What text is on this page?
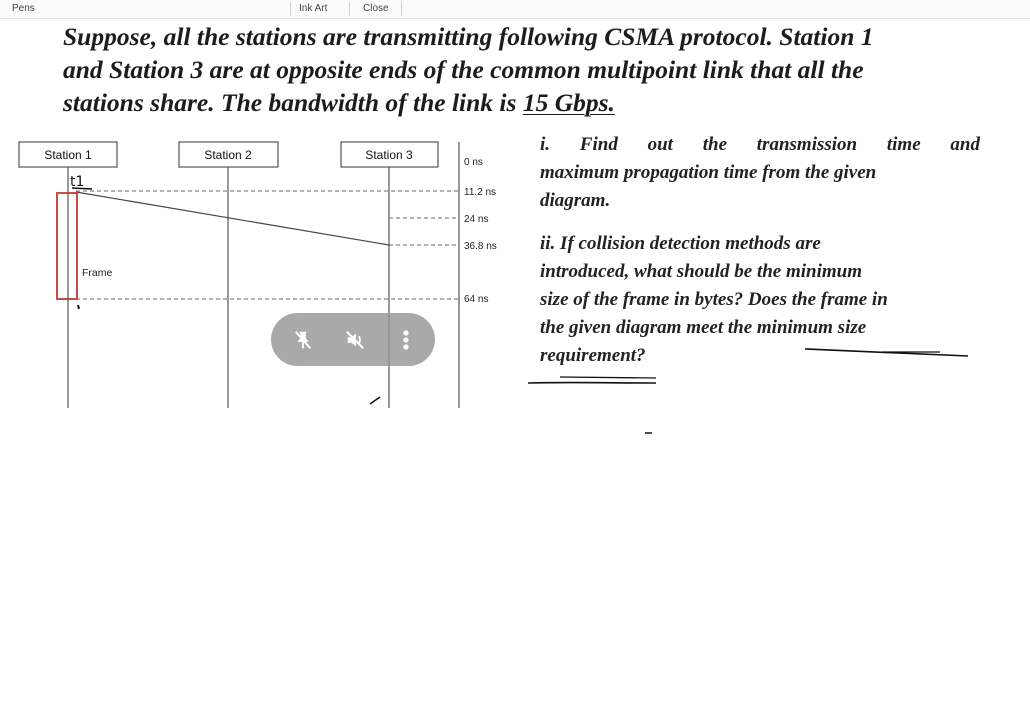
Pens	Ink Art	Close
Suppose, all the stations are transmitting following CSMA protocol. Station 1
and Station 3 are at opposite ends of the common multipoint link that all the
stations share. The bandwidth of the link is 15 Gbps.
Station 1	Station 2	Station 3
0 ns
11.2 ns
24 ns
36.8 ns
64 ns
Frame
t1
i. Find out the transmission time and
maximum propagation time from the given
diagram.
ii. If collision detection methods are
introduced, what should be the minimum
size of the frame in bytes? Does the frame in
the given diagram meet the minimum size
requirement?
